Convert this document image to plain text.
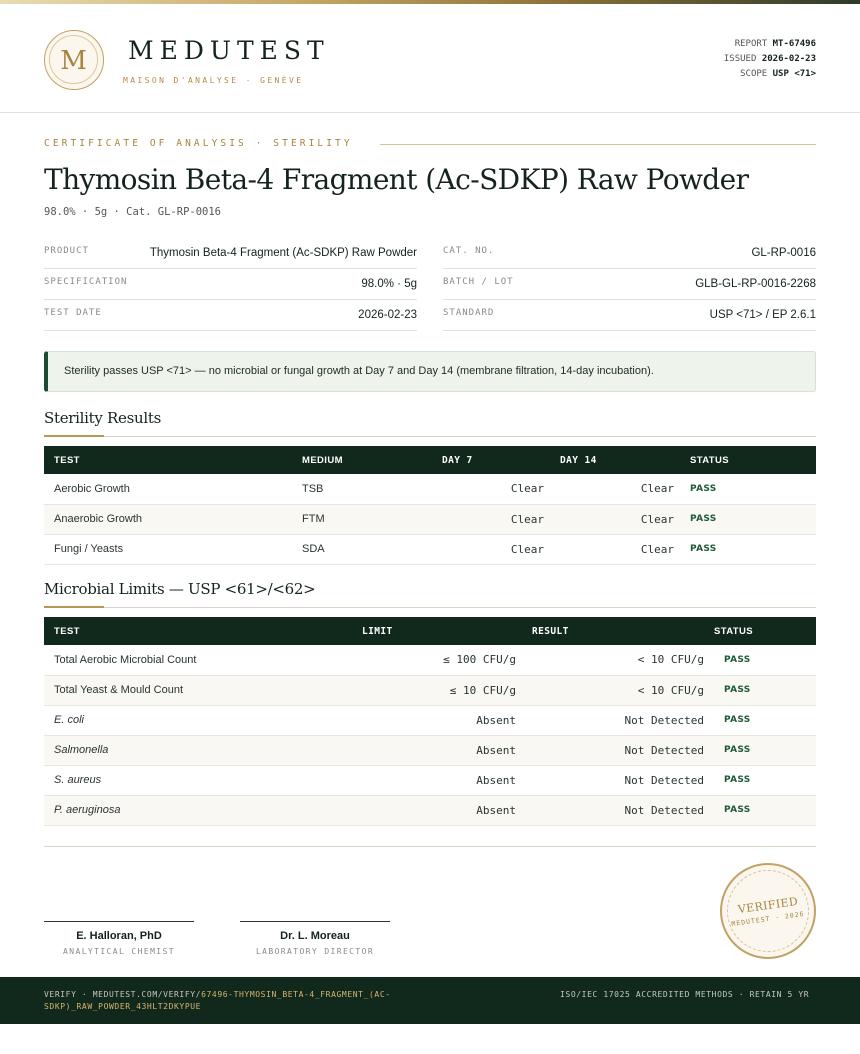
M	MEDUTEST
MAISON D'ANALYSE · GENÈVE
REPORT MT-67496
ISSUED 2026-02-23
SCOPE USP <71>
CERTIFICATE OF ANALYSIS · STERILITY
Thymosin Beta-4 Fragment (Ac-SDKP) Raw Powder
98.0% · 5g · Cat. GL-RP-0016
PRODUCT	Thymosin Beta-4 Fragment (Ac-SDKP) Raw Powder
SPECIFICATION	98.0% · 5g
TEST DATE	2026-02-23
CAT. NO.	GL-RP-0016
BATCH / LOT	GLB-GL-RP-0016-2268
STANDARD	USP <71> / EP 2.6.1
Sterility passes USP <71> — no microbial or fungal growth at Day 7 and Day 14 (membrane filtration, 14-day incubation).
Sterility Results
TEST	MEDIUM	DAY 7	DAY 14	STATUS
Aerobic Growth	TSB	Clear	Clear	PASS
Anaerobic Growth	FTM	Clear	Clear	PASS
Fungi / Yeasts	SDA	Clear	Clear	PASS
Microbial Limits — USP <61>/<62>
TEST	LIMIT	RESULT	STATUS
Total Aerobic Microbial Count	≤ 100 CFU/g	< 10 CFU/g	PASS
Total Yeast & Mould Count	≤ 10 CFU/g	< 10 CFU/g	PASS
E. coli	Absent	Not Detected	PASS
Salmonella	Absent	Not Detected	PASS
S. aureus	Absent	Not Detected	PASS
P. aeruginosa	Absent	Not Detected	PASS
E. Halloran, PhD
ANALYTICAL CHEMIST
Dr. L. Moreau
LABORATORY DIRECTOR
VERIFIED
MEDUTEST · 2026
VERIFY · MEDUTEST.COM/VERIFY/67496-THYMOSIN_BETA-4_FRAGMENT_(AC-SDKP)_RAW_POWDER_43HLT2DKYPUE
ISO/IEC 17025 ACCREDITED METHODS · RETAIN 5 YR
